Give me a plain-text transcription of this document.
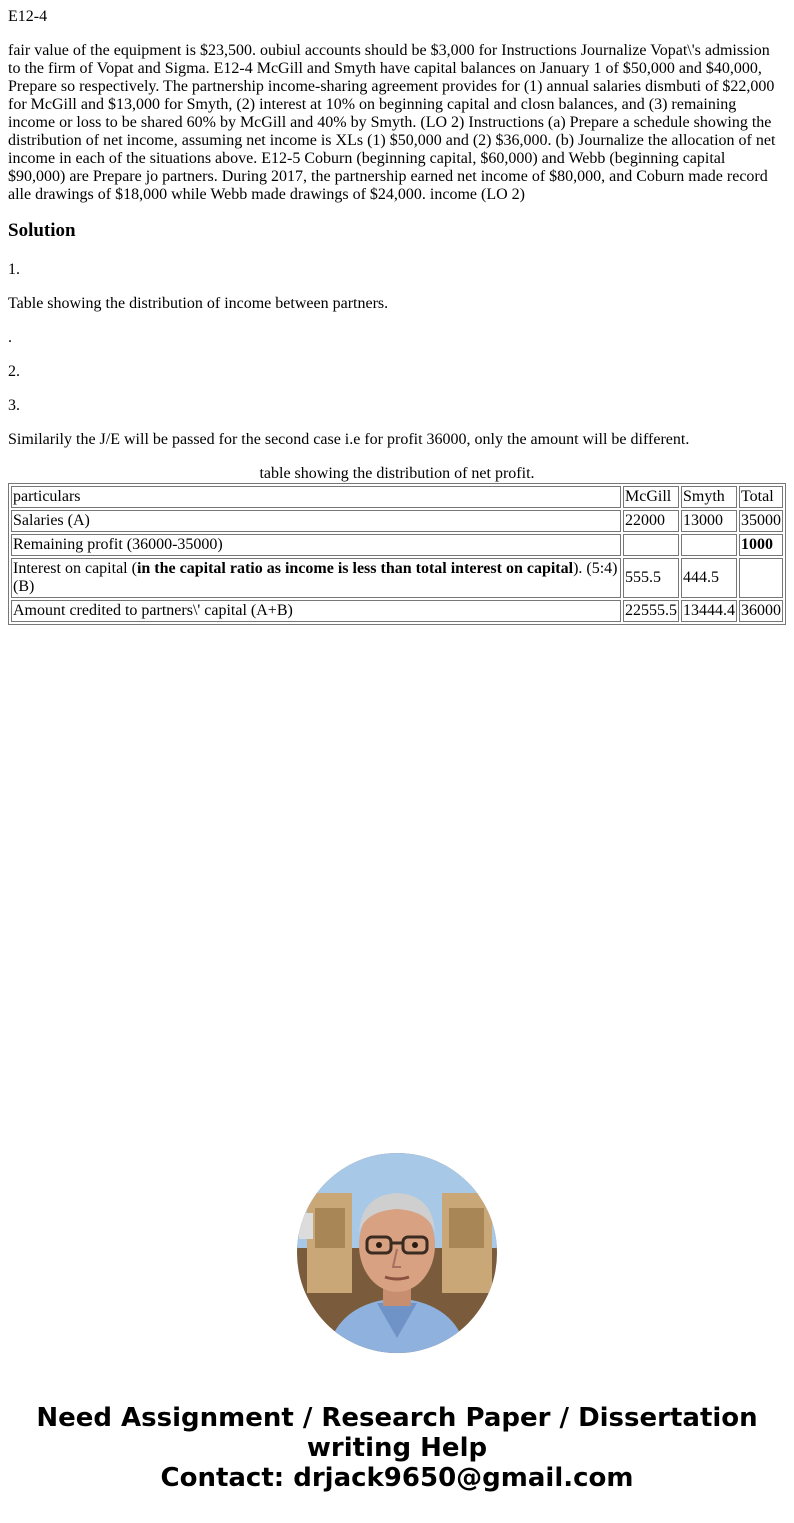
E12-4

fair value of the equipment is $23,500. oubiul accounts should be $3,000 for Instructions Journalize Vopat\'s admission to the firm of Vopat and Sigma. E12-4 McGill and Smyth have capital balances on January 1 of $50,000 and $40,000, Prepare so respectively. The partnership income-sharing agreement provides for (1) annual salaries dismbuti of $22,000 for McGill and $13,000 for Smyth, (2) interest at 10% on beginning capital and closn balances, and (3) remaining income or loss to be shared 60% by McGill and 40% by Smyth. (LO 2) Instructions (a) Prepare a schedule showing the distribution of net income, assuming net income is XLs (1) $50,000 and (2) $36,000. (b) Journalize the allocation of net income in each of the situations above. E12-5 Coburn (beginning capital, $60,000) and Webb (beginning capital $90,000) are Prepare jo partners. During 2017, the partnership earned net income of $80,000, and Coburn made record alle drawings of $18,000 while Webb made drawings of $24,000. income (LO 2)

Solution

1.

Table showing the distribution of income between partners.

.

2.

3.

Similarily the J/E will be passed for the second case i.e for profit 36000, only the amount will be different.

table showing the distribution of net profit.
particulars	McGill	Smyth	Total
Salaries (A)	22000	13000	35000
Remaining profit (36000-35000)			1000
Interest on capital (in the capital ratio as income is less than total interest on capital). (5:4)(B)	555.5	444.5	
Amount credited to partners\' capital (A+B)	22555.5	13444.4	36000
Need Assignment / Research Paper / Dissertation
writing Help
Contact: drjack9650@gmail.com
